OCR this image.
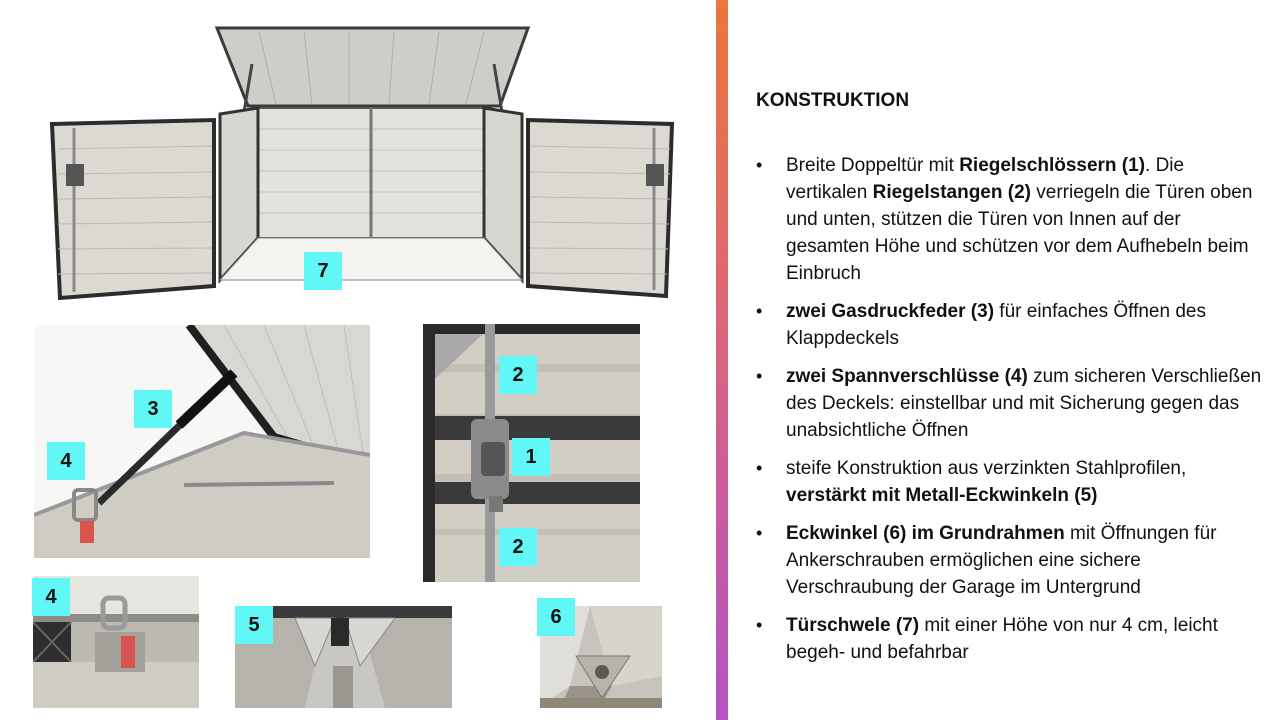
7
3
4
2
1
2
4
5	6
KONSTRUKTION
• Breite Doppeltür mit Riegelschlössern (1). Die vertikalen Riegelstangen (2) verriegeln die Türen oben und unten, stützen die Türen von Innen auf der gesamten Höhe und schützen vor dem Aufhebeln beim Einbruch
• zwei Gasdruckfeder (3) für einfaches Öffnen des Klappdeckels
• zwei Spannverschlüsse (4) zum sicheren Verschließen des Deckels: einstellbar und mit Sicherung gegen das unabsichtliche Öffnen
• steife Konstruktion aus verzinkten Stahlprofilen, verstärkt mit Metall-Eckwinkeln (5)
• Eckwinkel (6) im Grundrahmen mit Öffnungen für Ankerschrauben ermöglichen eine sichere Verschraubung der Garage im Untergrund
• Türschwele (7) mit einer Höhe von nur 4 cm, leicht begeh- und befahrbar
